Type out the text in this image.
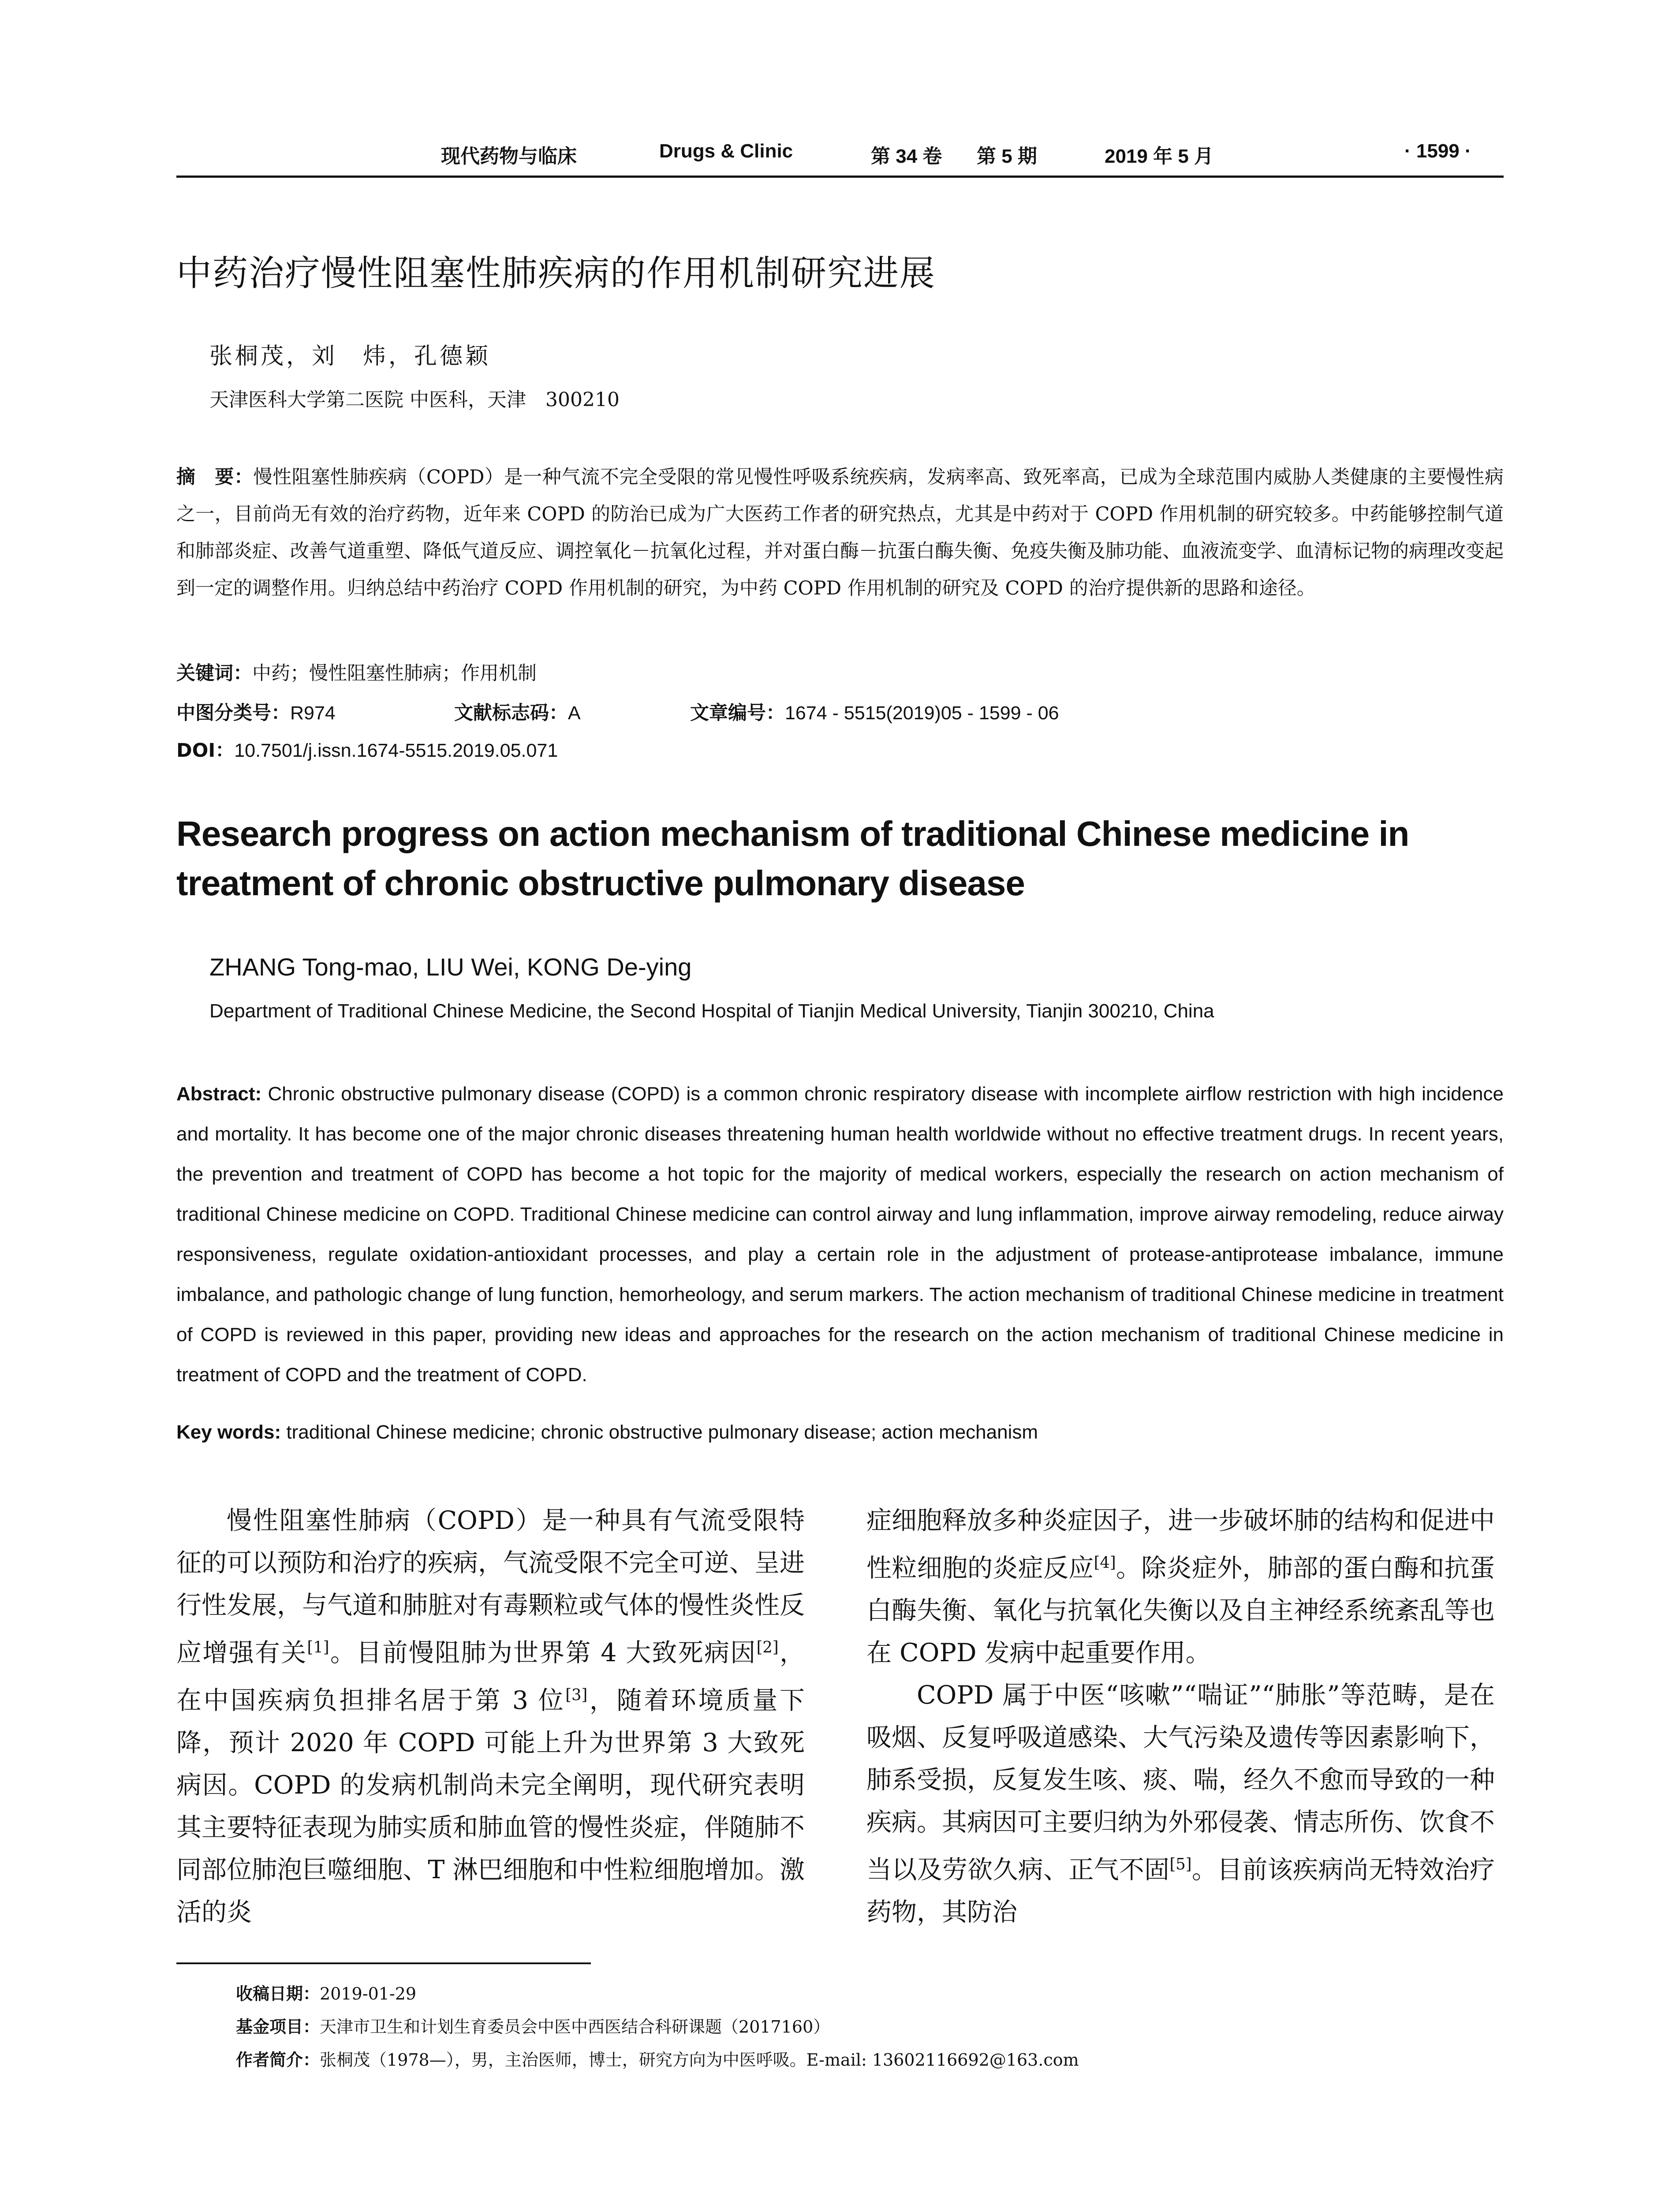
现代药物与临床	Drugs & Clinic	第 34 卷 第 5 期	2019 年 5 月	· 1599 ·
中药治疗慢性阻塞性肺疾病的作用机制研究进展
张桐茂，刘　炜，孔德颖
天津医科大学第二医院 中医科，天津　300210
摘　要：慢性阻塞性肺疾病（COPD）是一种气流不完全受限的常见慢性呼吸系统疾病，发病率高、致死率高，已成为全球范围内威胁人类健康的主要慢性病之一，目前尚无有效的治疗药物，近年来 COPD 的防治已成为广大医药工作者的研究热点，尤其是中药对于 COPD 作用机制的研究较多。中药能够控制气道和肺部炎症、改善气道重塑、降低气道反应、调控氧化－抗氧化过程，并对蛋白酶－抗蛋白酶失衡、免疫失衡及肺功能、血液流变学、血清标记物的病理改变起到一定的调整作用。归纳总结中药治疗 COPD 作用机制的研究，为中药 COPD 作用机制的研究及 COPD 的治疗提供新的思路和途径。
关键词：中药；慢性阻塞性肺病；作用机制
中图分类号：R974	文献标志码：A	文章编号：1674 - 5515(2019)05 - 1599 - 06
DOI：10.7501/j.issn.1674-5515.2019.05.071
Research progress on action mechanism of traditional Chinese medicine in treatment of chronic obstructive pulmonary disease
ZHANG Tong-mao, LIU Wei, KONG De-ying
Department of Traditional Chinese Medicine, the Second Hospital of Tianjin Medical University, Tianjin 300210, China
Abstract: Chronic obstructive pulmonary disease (COPD) is a common chronic respiratory disease with incomplete airflow restriction with high incidence and mortality. It has become one of the major chronic diseases threatening human health worldwide without no effective treatment drugs. In recent years, the prevention and treatment of COPD has become a hot topic for the majority of medical workers, especially the research on action mechanism of traditional Chinese medicine on COPD. Traditional Chinese medicine can control airway and lung inflammation, improve airway remodeling, reduce airway responsiveness, regulate oxidation-antioxidant processes, and play a certain role in the adjustment of protease-antiprotease imbalance, immune imbalance, and pathologic change of lung function, hemorheology, and serum markers. The action mechanism of traditional Chinese medicine in treatment of COPD is reviewed in this paper, providing new ideas and approaches for the research on the action mechanism of traditional Chinese medicine in treatment of COPD and the treatment of COPD.
Key words: traditional Chinese medicine; chronic obstructive pulmonary disease; action mechanism

慢性阻塞性肺病（COPD）是一种具有气流受限特征的可以预防和治疗的疾病，气流受限不完全可逆、呈进行性发展，与气道和肺脏对有毒颗粒或气体的慢性炎性反应增强有关[1]。目前慢阻肺为世界第 4 大致死病因[2]，在中国疾病负担排名居于第 3 位[3]，随着环境质量下降，预计 2020 年 COPD 可能上升为世界第 3 大致死病因。COPD 的发病机制尚未完全阐明，现代研究表明其主要特征表现为肺实质和肺血管的慢性炎症，伴随肺不同部位肺泡巨噬细胞、T 淋巴细胞和中性粒细胞增加。激活的炎

症细胞释放多种炎症因子，进一步破坏肺的结构和促进中性粒细胞的炎症反应[4]。除炎症外，肺部的蛋白酶和抗蛋白酶失衡、氧化与抗氧化失衡以及自主神经系统紊乱等也在 COPD 发病中起重要作用。

COPD 属于中医“咳嗽”“喘证”“肺胀”等范畴，是在吸烟、反复呼吸道感染、大气污染及遗传等因素影响下，肺系受损，反复发生咳、痰、喘，经久不愈而导致的一种疾病。其病因可主要归纳为外邪侵袭、情志所伤、饮食不当以及劳欲久病、正气不固[5]。目前该疾病尚无特效治疗药物，其防治

收稿日期：2019-01-29
基金项目：天津市卫生和计划生育委员会中医中西医结合科研课题（2017160）
作者简介：张桐茂（1978—），男，主治医师，博士，研究方向为中医呼吸。E-mail: 13602116692@163.com
